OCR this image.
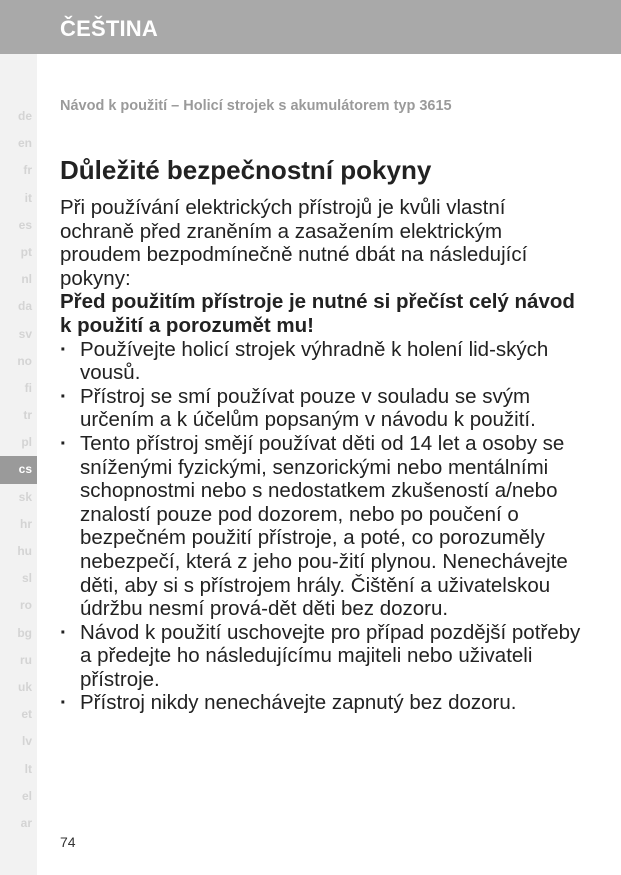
ČEŠTINA
de
en
fr
it
es
pt
nl
da
sv
no
fi
tr
pl
cs
sk
hr
hu
sl
ro
bg
ru
uk
et
lv
lt
el
ar
Návod k použití – Holicí strojek s akumulátorem typ 3615
Důležité bezpečnostní pokyny

Při používání elektrických přístrojů je kvůli vlastní ochraně před zraněním a zasažením elektrickým proudem bezpodmínečně nutné dbát na následující pokyny:

Před použitím přístroje je nutné si přečíst celý návod k použití a porozumět mu!

· Používejte holicí strojek výhradně k holení lid-ských vousů.
· Přístroj se smí používat pouze v souladu se svým určením a k účelům popsaným v návodu k použití.
· Tento přístroj smějí používat děti od 14 let a osoby se sníženými fyzickými, senzorickými nebo mentálními schopnostmi nebo s nedostatkem zkušeností a/nebo znalostí pouze pod dozorem, nebo po poučení o bezpečném použití přístroje, a poté, co porozuměly nebezpečí, která z jeho pou-žití plynou. Nenechávejte děti, aby si s přístrojem hrály. Čištění a uživatelskou údržbu nesmí prová-dět děti bez dozoru.
· Návod k použití uschovejte pro případ pozdější potřeby a předejte ho následujícímu majiteli nebo uživateli přístroje.
· Přístroj nikdy nenechávejte zapnutý bez dozoru.
74
